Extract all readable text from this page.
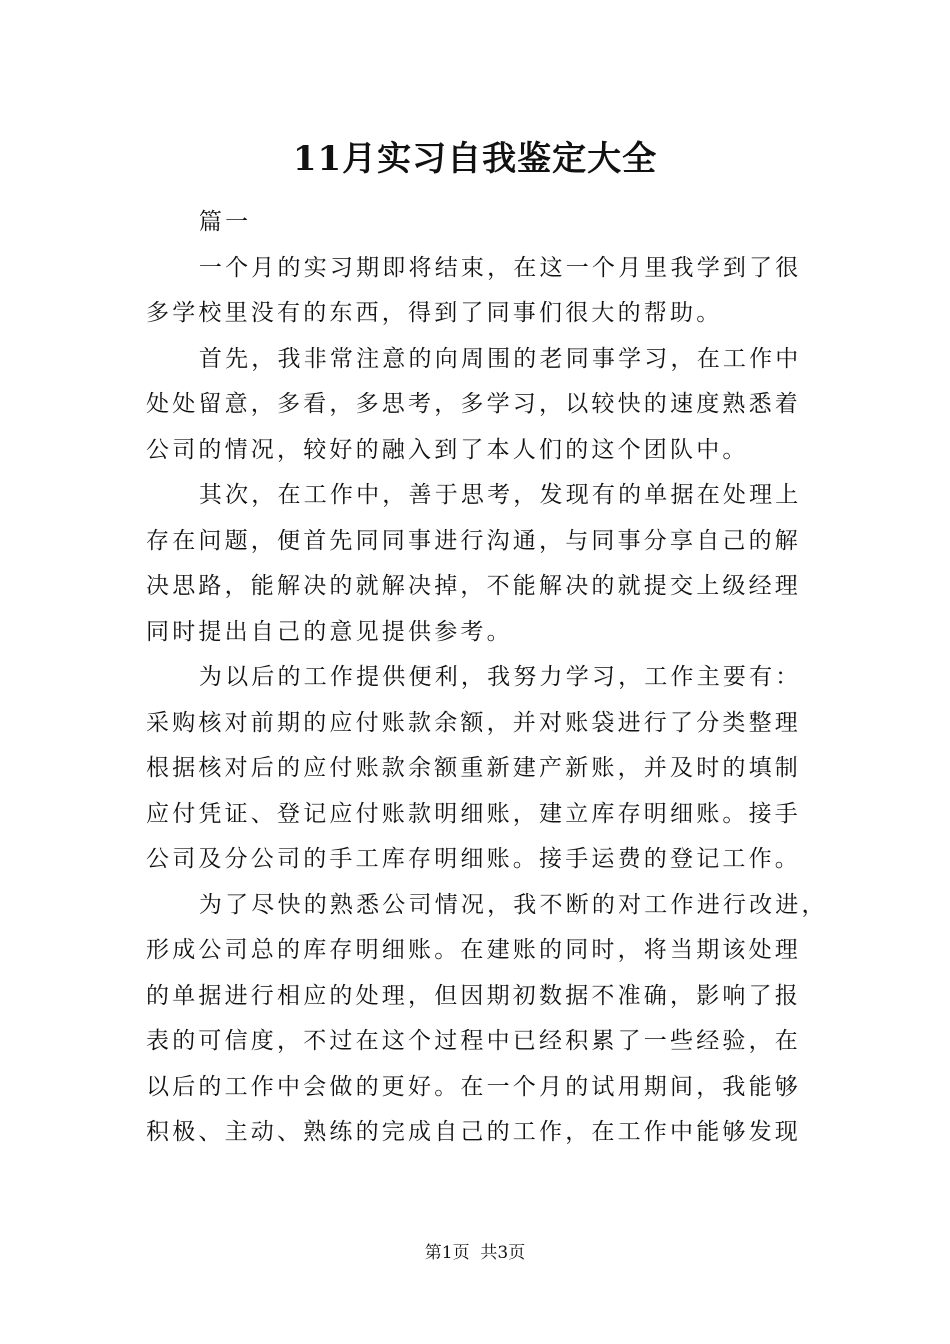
11月实习自我鉴定大全

篇一

一个月的实习期即将结束，在这一个月里我学到了很
多学校里没有的东西，得到了同事们很大的帮助。

首先，我非常注意的向周围的老同事学习，在工作中
处处留意，多看，多思考，多学习，以较快的速度熟悉着
公司的情况，较好的融入到了本人们的这个团队中。

其次，在工作中，善于思考，发现有的单据在处理上
存在问题，便首先同同事进行沟通，与同事分享自己的解
决思路，能解决的就解决掉，不能解决的就提交上级经理
同时提出自己的意见提供参考。

为以后的工作提供便利，我努力学习，工作主要有：
采购核对前期的应付账款余额，并对账袋进行了分类整理
根据核对后的应付账款余额重新建产新账，并及时的填制
应付凭证、登记应付账款明细账，建立库存明细账。接手
公司及分公司的手工库存明细账。接手运费的登记工作。

为了尽快的熟悉公司情况，我不断的对工作进行改进，
形成公司总的库存明细账。在建账的同时，将当期该处理
的单据进行相应的处理，但因期初数据不准确，影响了报
表的可信度，不过在这个过程中已经积累了一些经验，在
以后的工作中会做的更好。在一个月的试用期间，我能够
积极、主动、熟练的完成自己的工作，在工作中能够发现

第1页  共3页
